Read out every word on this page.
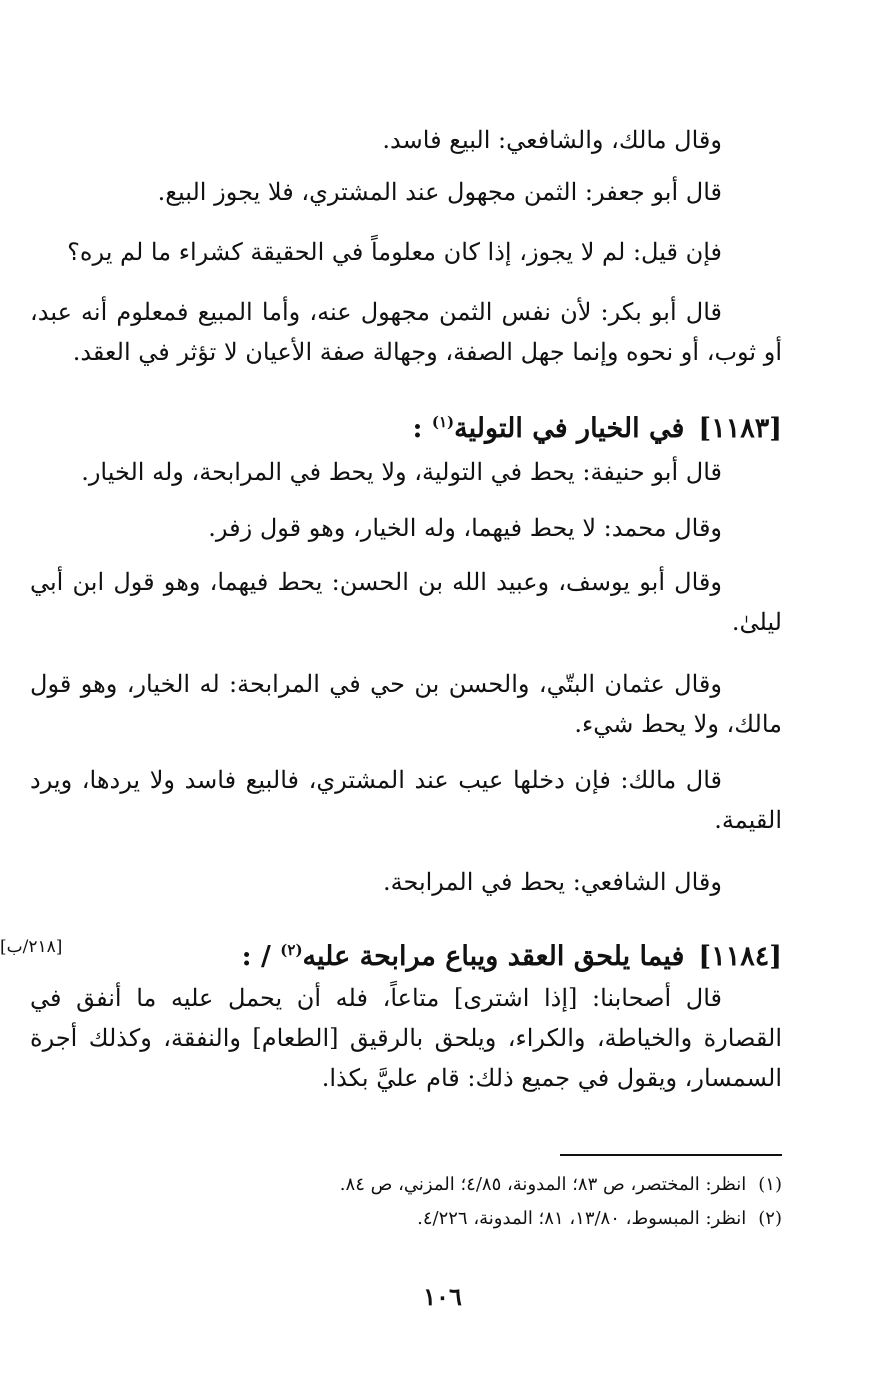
وقال مالك، والشافعي: البيع فاسد.

قال أبو جعفر: الثمن مجهول عند المشتري، فلا يجوز البيع.

فإن قيل: لم لا يجوز، إذا كان معلوماً في الحقيقة كشراء ما لم يره؟

قال أبو بكر: لأن نفس الثمن مجهول عنه، وأما المبيع فمعلوم أنه عبد، أو ثوب، أو نحوه وإنما جهل الصفة، وجهالة صفة الأعيان لا تؤثر في العقد.

[١١٨٣]في الخيار في التولية$^{(١)}$ :

قال أبو حنيفة: يحط في التولية، ولا يحط في المرابحة، وله الخيار.

وقال محمد: لا يحط فيهما، وله الخيار، وهو قول زفر.

وقال أبو يوسف، وعبيد الله بن الحسن: يحط فيهما، وهو قول ابن أبي ليلىٰ.

وقال عثمان البتّي، والحسن بن حي في المرابحة: له الخيار، وهو قول مالك، ولا يحط شيء.

قال مالك: فإن دخلها عيب عند المشتري، فالبيع فاسد ولا يردها، ويرد القيمة.

وقال الشافعي: يحط في المرابحة.

[١١٨٤]فيما يلحق العقد ويباع مرابحة عليه$^{(٢)}$ / :

قال أصحابنا: [إذا اشترى] متاعاً، فله أن يحمل عليه ما أنفق في القصارة والخياطة، والكراء، ويلحق بالرقيق [الطعام] والنفقة، وكذلك أجرة السمسار، ويقول في جميع ذلك: قام عليَّ بكذا.

[٢١٨/ب]
(١)انظر: المختصر، ص ٨٣؛ المدونة، ٤/٨٥؛ المزني، ص ٨٤.
(٢)انظر: المبسوط، ١٣/٨٠، ٨١؛ المدونة، ٤/٢٢٦.
١٠٦
